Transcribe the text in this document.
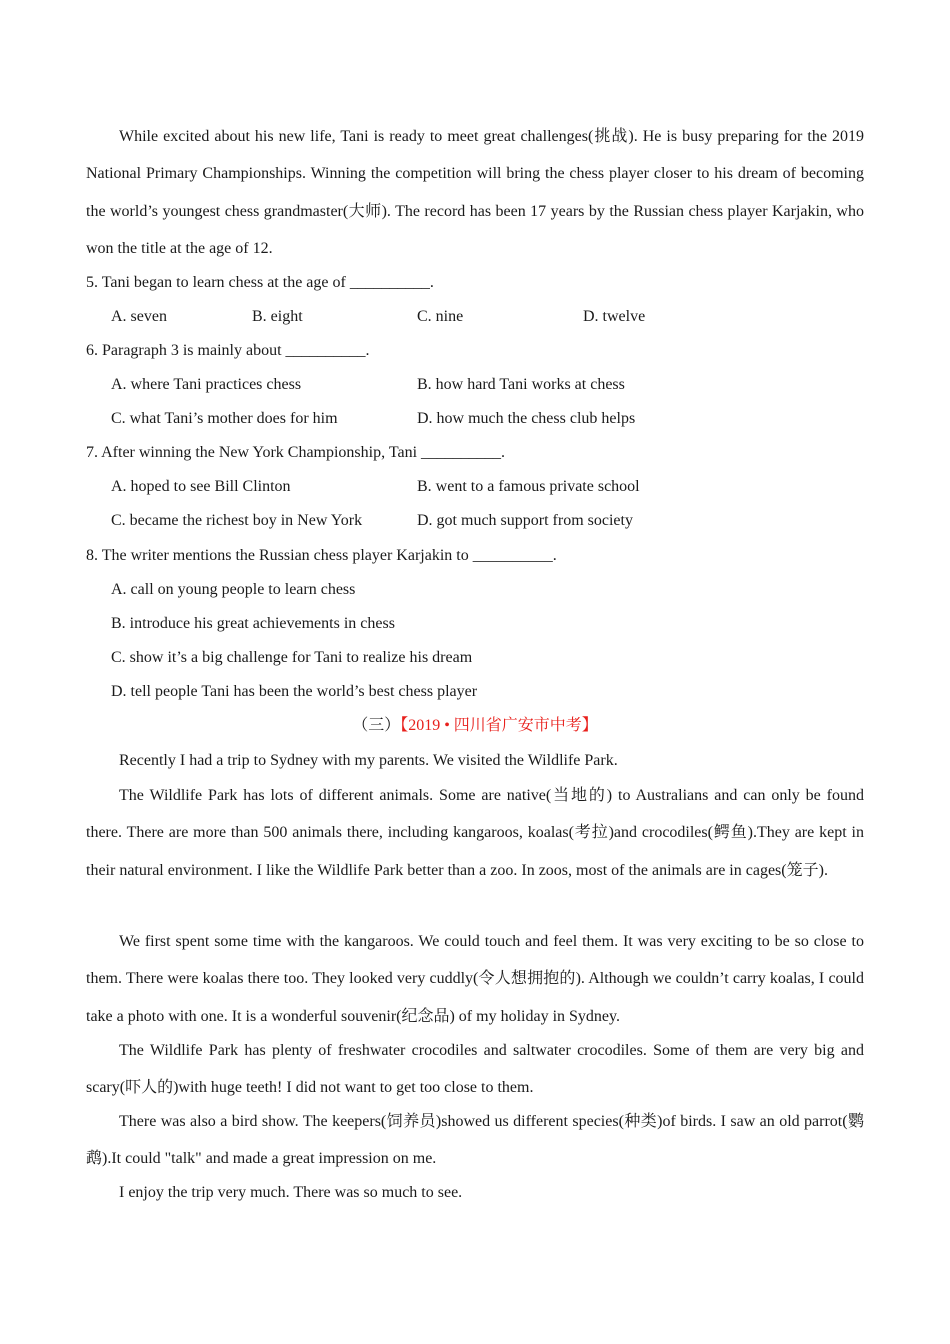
While excited about his new life, Tani is ready to meet great challenges(挑战). He is busy preparing for the 2019 National Primary Championships. Winning the competition will bring the chess player closer to his dream of becoming the world’s youngest chess grandmaster(大师). The record has been 17 years by the Russian chess player Karjakin, who won the title at the age of 12.

5. Tani began to learn chess at the age of __________.

A. seven	B. eight	C. nine	D. twelve

6. Paragraph 3 is mainly about __________.

A. where Tani practices chess	B. how hard Tani works at chess
C. what Tani’s mother does for him	D. how much the chess club helps

7. After winning the New York Championship, Tani __________.

A. hoped to see Bill Clinton	B. went to a famous private school
C. became the richest boy in New York	D. got much support from society

8. The writer mentions the Russian chess player Karjakin to __________.

A. call on young people to learn chess

B. introduce his great achievements in chess

C. show it’s a big challenge for Tani to realize his dream

D. tell people Tani has been the world’s best chess player

（三）【2019 • 四川省广安市中考】

Recently I had a trip to Sydney with my parents. We visited the Wildlife Park.

The Wildlife Park has lots of different animals. Some are native(当地的) to Australians and can only be found there. There are more than 500 animals there, including kangaroos, koalas(考拉)and crocodiles(鳄鱼).They are kept in their natural environment. I like the Wildlife Park better than a zoo. In zoos, most of the animals are in cages(笼子).

We first spent some time with the kangaroos. We could touch and feel them. It was very exciting to be so close to them. There were koalas there too. They looked very cuddly(令人想拥抱的). Although we couldn’t carry koalas, I could take a photo with one. It is a wonderful souvenir(纪念品) of my holiday in Sydney.

The Wildlife Park has plenty of freshwater crocodiles and saltwater crocodiles. Some of them are very big and scary(吓人的)with huge teeth! I did not want to get too close to them.

There was also a bird show. The keepers(饲养员)showed us different species(种类)of birds. I saw an old parrot(鹦鹉).It could "talk" and made a great impression on me.

I enjoy the trip very much. There was so much to see.
